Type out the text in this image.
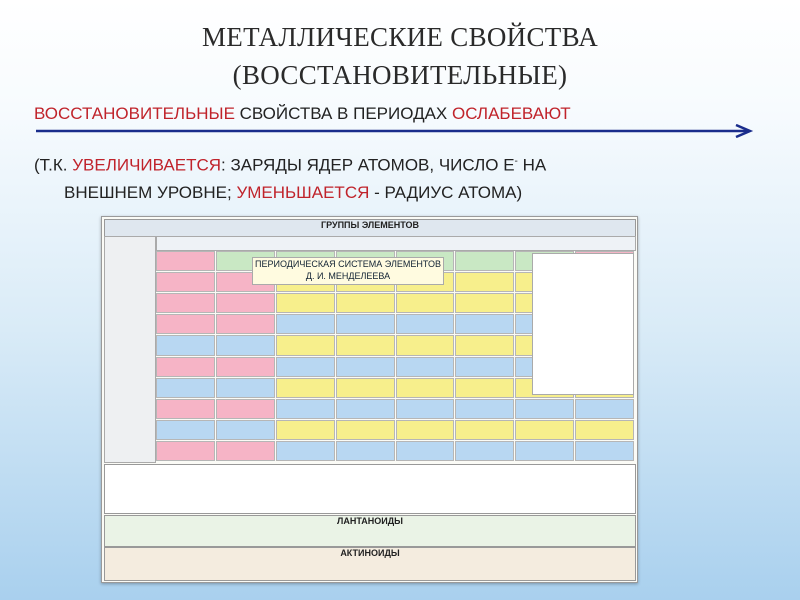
МЕТАЛЛИЧЕСКИЕ СВОЙСТВА
(ВОССТАНОВИТЕЛЬНЫЕ)
ВОССТАНОВИТЕЛЬНЫЕ СВОЙСТВА В ПЕРИОДАХ ОСЛАБЕВАЮТ
(Т.К. УВЕЛИЧИВАЕТСЯ: ЗАРЯДЫ ЯДЕР АТОМОВ, ЧИСЛО Е- НА
ВНЕШНЕМ УРОВНЕ; УМЕНЬШАЕТСЯ - РАДИУС АТОМА)
ГРУППЫ ЭЛЕМЕНТОВ
ПЕРИОДИЧЕСКАЯ СИСТЕМА ЭЛЕМЕНТОВ
Д. И. МЕНДЕЛЕЕВА
ЛАНТАНОИДЫ
АКТИНОИДЫ
